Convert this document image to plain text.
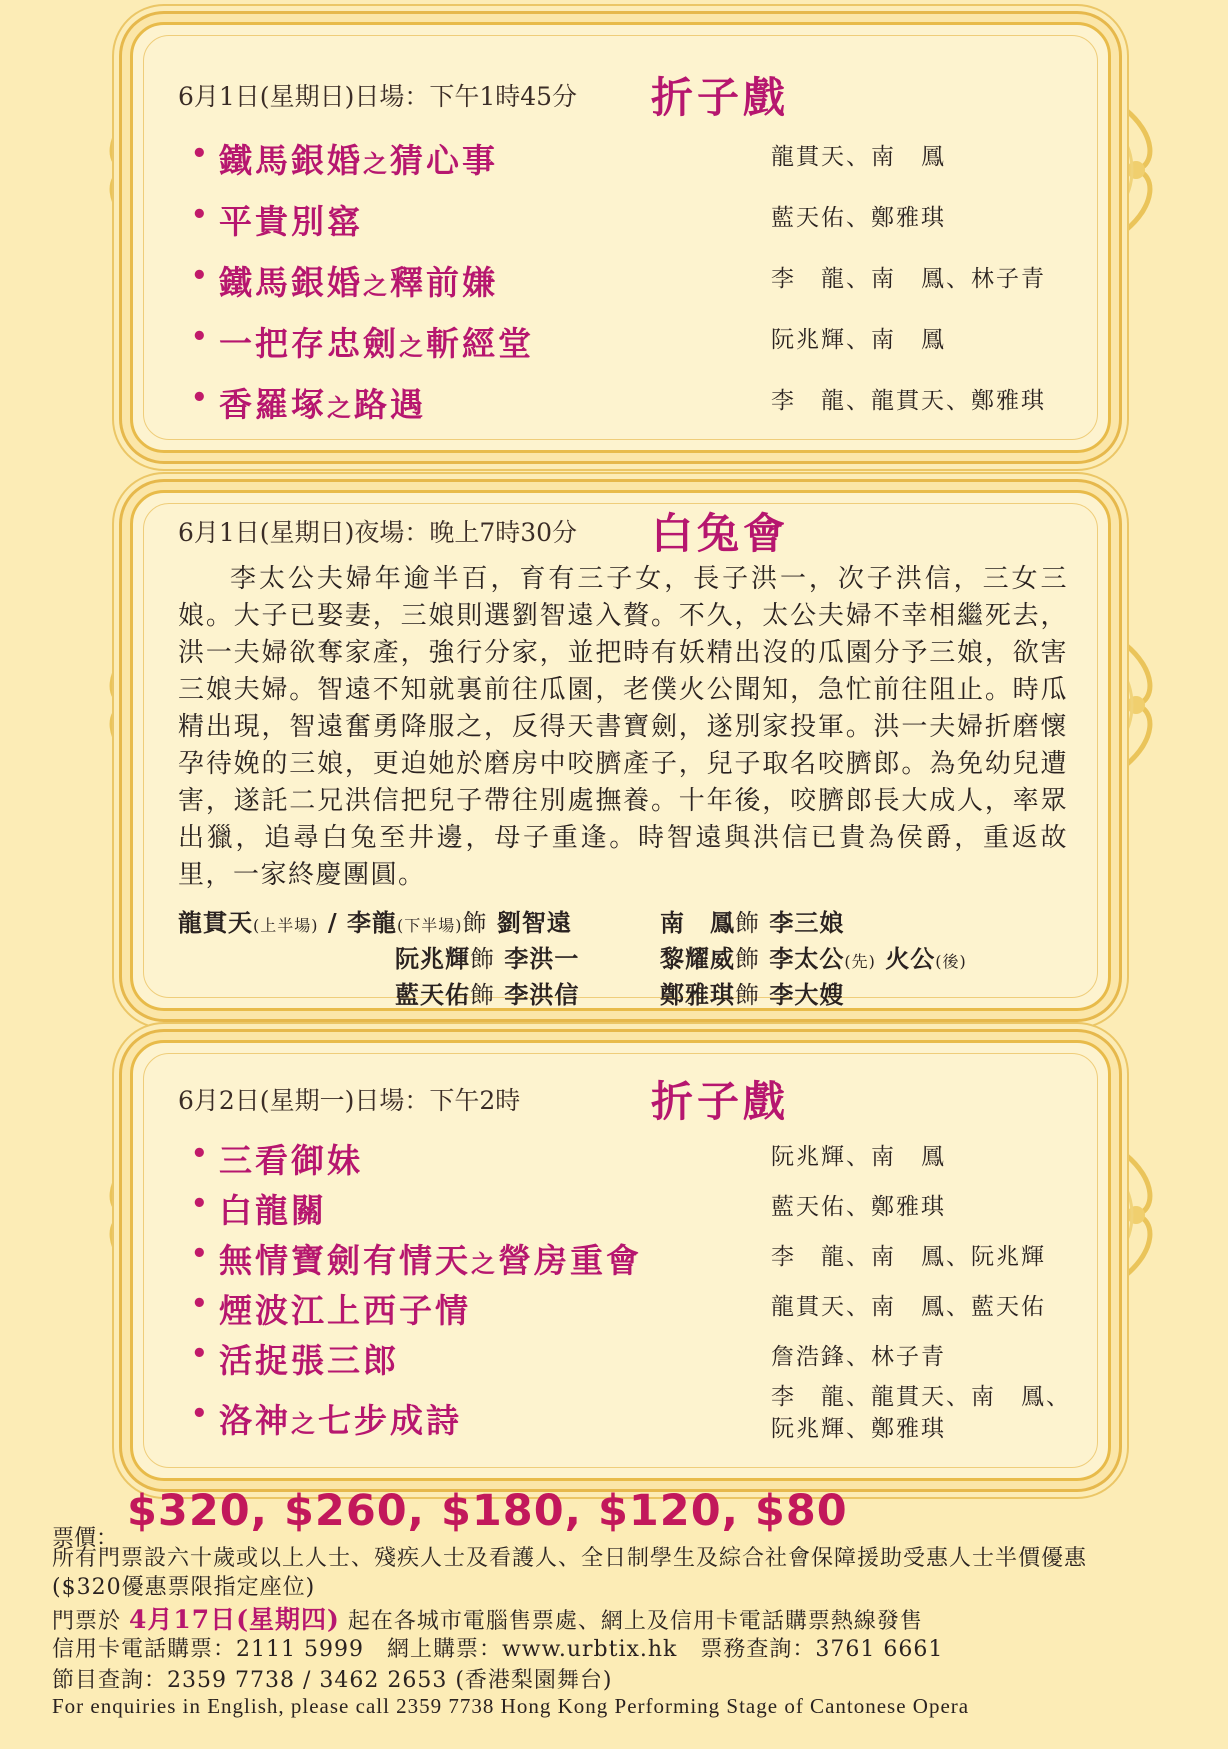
6月1日(星期日)日場：下午1時45分 折子戲
• 鐵馬銀婚之猜心事	龍貫天、南　鳳
• 平貴別窰	藍天佑、鄭雅琪
• 鐵馬銀婚之釋前嫌	李　龍、南　鳳、林子青
• 一把存忠劍之斬經堂	阮兆輝、南　鳳
• 香羅塚之路遇	李　龍、龍貫天、鄭雅琪
6月1日(星期日)夜場：晚上7時30分 白兔會
李太公夫婦年逾半百，育有三子女，長子洪一，次子洪信，三女三娘。大子已娶妻，三娘則選劉智遠入贅。不久，太公夫婦不幸相繼死去，洪一夫婦欲奪家產，強行分家，並把時有妖精出沒的瓜園分予三娘，欲害三娘夫婦。智遠不知就裏前往瓜園，老僕火公聞知，急忙前往阻止。時瓜精出現，智遠奮勇降服之，反得天書寶劍，遂別家投軍。洪一夫婦折磨懷孕待娩的三娘，更迫她於磨房中咬臍產子，兒子取名咬臍郎。為免幼兒遭害，遂託二兄洪信把兒子帶往別處撫養。十年後，咬臍郎長大成人，率眾出獵，追尋白兔至井邊，母子重逢。時智遠與洪信已貴為侯爵，重返故里，一家終慶團圓。
龍貫天(上半場) / 李龍(下半場)飾 劉智遠
阮兆輝飾 李洪一
藍天佑飾 李洪信
南　鳳飾 李三娘
黎耀威飾 李太公(先) 火公(後)
鄭雅琪飾 李大嫂
6月2日(星期一)日場：下午2時	折子戲
• 三看御妹	阮兆輝、南　鳳
• 白龍關	藍天佑、鄭雅琪
• 無情寶劍有情天之營房重會	李　龍、南　鳳、阮兆輝
• 煙波江上西子情	龍貫天、南　鳳、藍天佑
• 活捉張三郎	詹浩鋒、林子青
• 洛神之七步成詩
李　龍、龍貫天、南　鳳、
阮兆輝、鄭雅琪
票價：
$320, $260, $180, $120, $80
所有門票設六十歲或以上人士、殘疾人士及看護人、全日制學生及綜合社會保障援助受惠人士半價優惠
($320優惠票限指定座位)
門票於 4月17日(星期四) 起在各城市電腦售票處、網上及信用卡電話購票熱線發售
信用卡電話購票：2111 5999　網上購票：www.urbtix.hk　票務查詢：3761 6661
節目查詢：2359 7738 / 3462 2653 (香港梨園舞台)
For enquiries in English, please call 2359 7738 Hong Kong Performing Stage of Cantonese Opera
